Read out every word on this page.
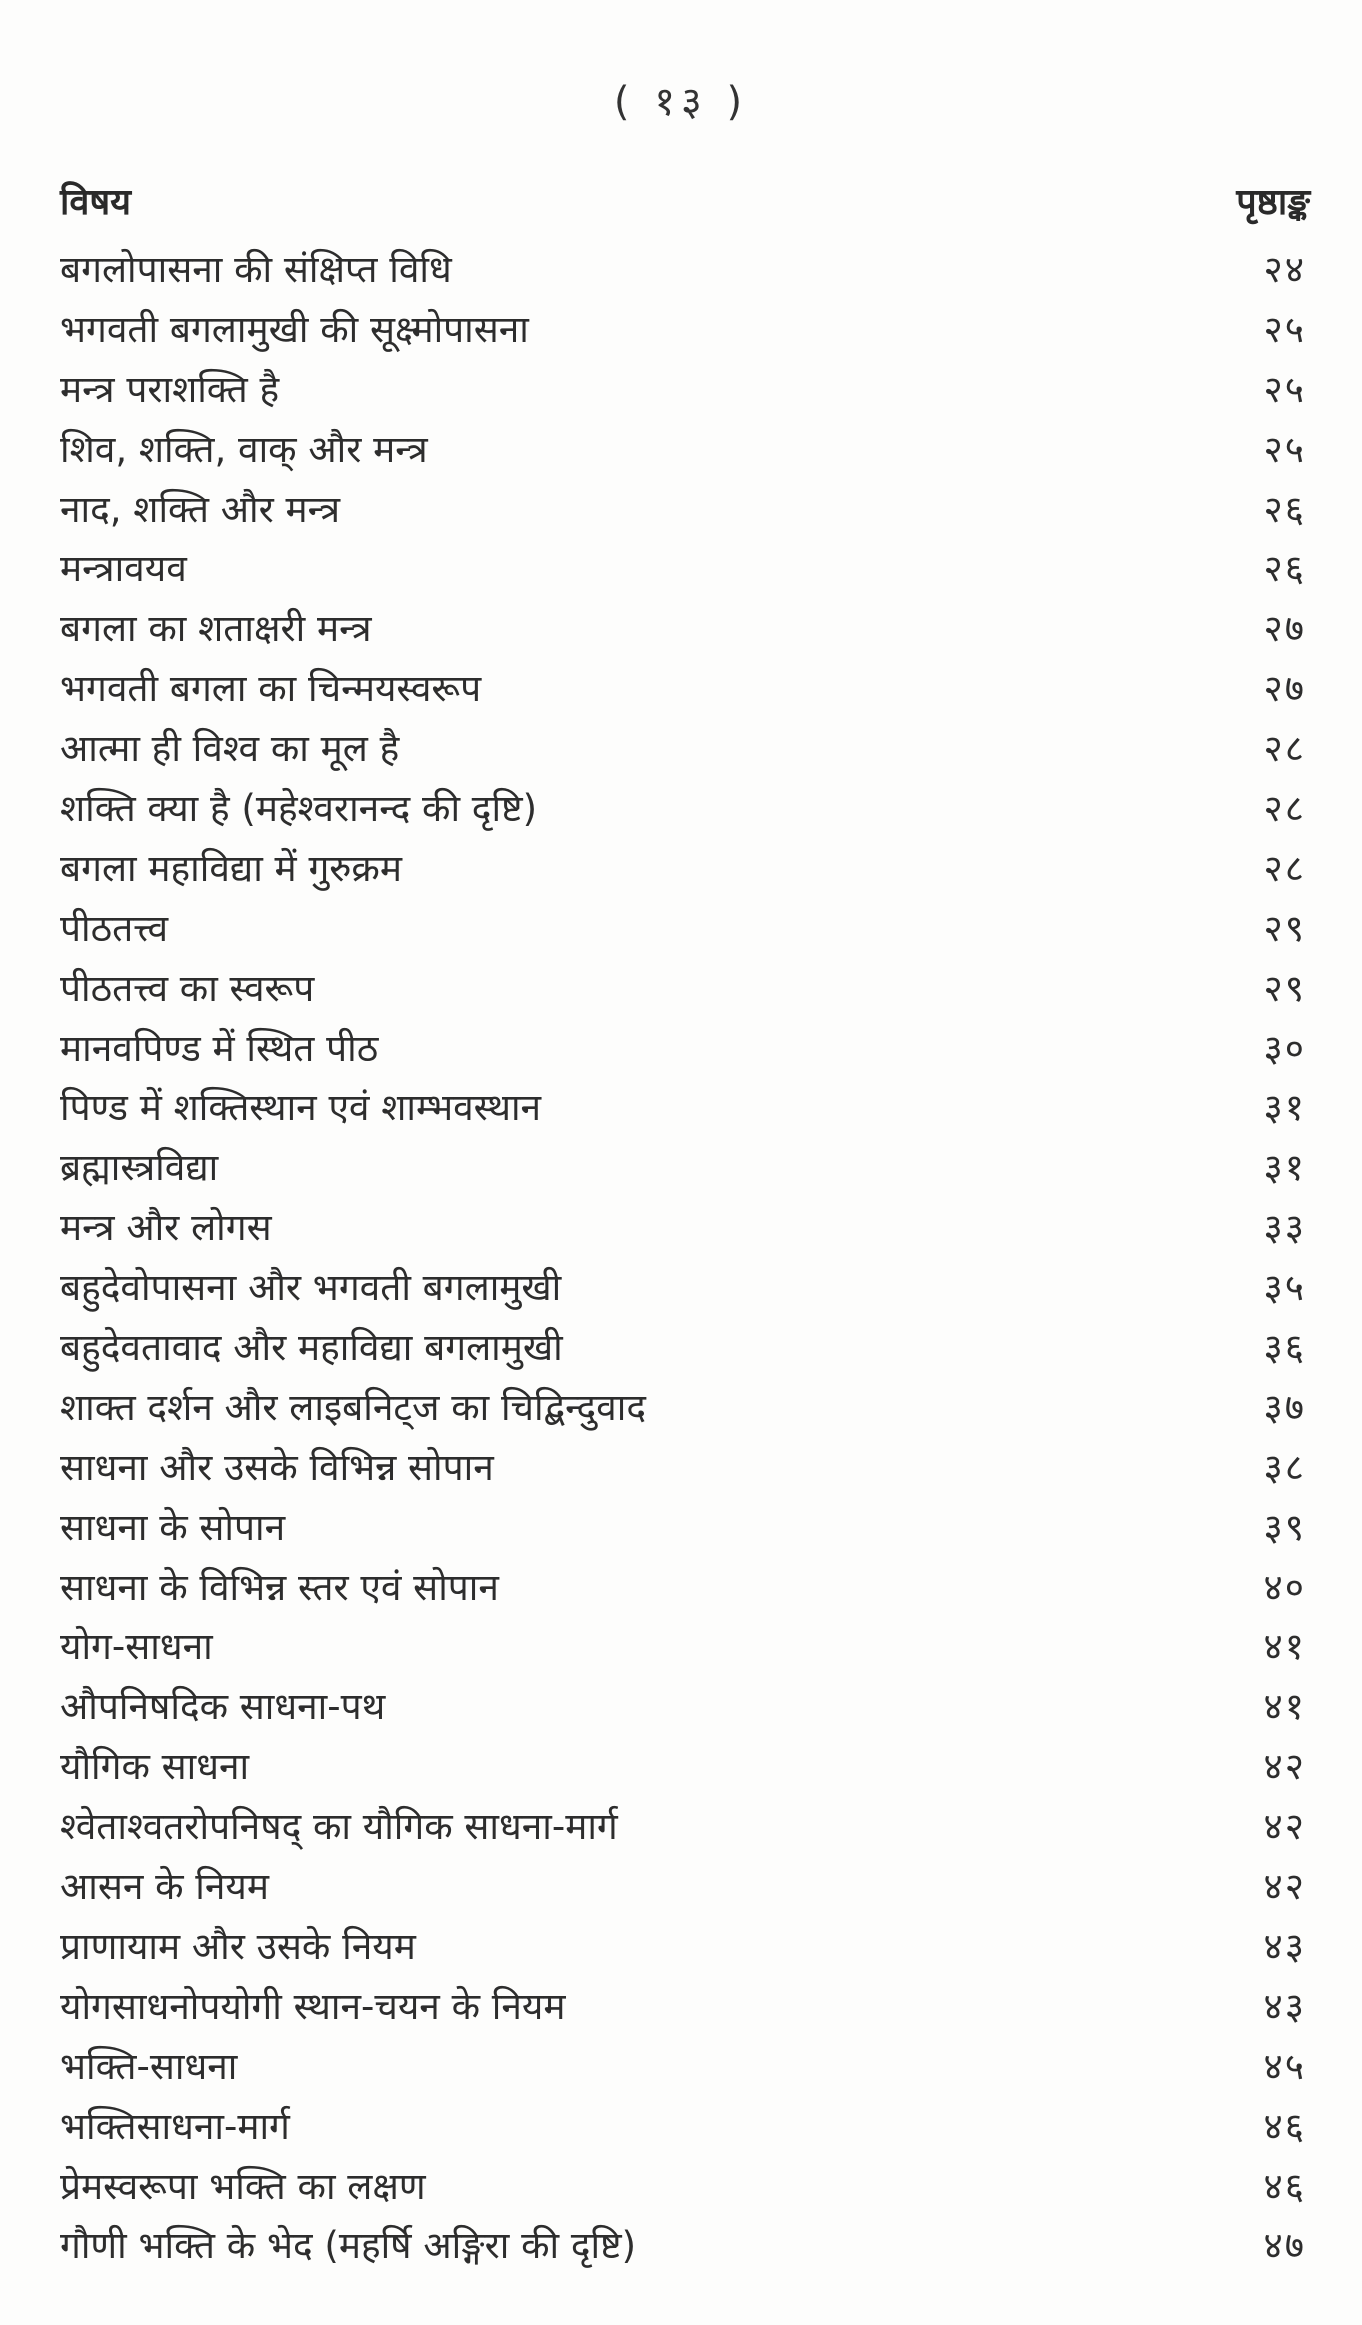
( १३ )
विषय	पृष्ठाङ्क
बगलोपासना की संक्षिप्त विधि	२४
भगवती बगलामुखी की सूक्ष्मोपासना	२५
मन्त्र पराशक्ति है	२५
शिव, शक्ति, वाक् और मन्त्र	२५
नाद, शक्ति और मन्त्र	२६
मन्त्रावयव	२६
बगला का शताक्षरी मन्त्र	२७
भगवती बगला का चिन्मयस्वरूप	२७
आत्मा ही विश्व का मूल है	२८
शक्ति क्या है (महेश्वरानन्द की दृष्टि)	२८
बगला महाविद्या में गुरुक्रम	२८
पीठतत्त्व	२९
पीठतत्त्व का स्वरूप	२९
मानवपिण्ड में स्थित पीठ	३०
पिण्ड में शक्तिस्थान एवं शाम्भवस्थान	३१
ब्रह्मास्त्रविद्या	३१
मन्त्र और लोगस	३३
बहुदेवोपासना और भगवती बगलामुखी	३५
बहुदेवतावाद और महाविद्या बगलामुखी	३६
शाक्त दर्शन और लाइबनिट्ज का चिद्बिन्दुवाद	३७
साधना और उसके विभिन्न सोपान	३८
साधना के सोपान	३९
साधना के विभिन्न स्तर एवं सोपान	४०
योग-साधना	४१
औपनिषदिक साधना-पथ	४१
यौगिक साधना	४२
श्वेताश्वतरोपनिषद् का यौगिक साधना-मार्ग	४२
आसन के नियम	४२
प्राणायाम और उसके नियम	४३
योगसाधनोपयोगी स्थान-चयन के नियम	४३
भक्ति-साधना	४५
भक्तिसाधना-मार्ग	४६
प्रेमस्वरूपा भक्ति का लक्षण	४६
गौणी भक्ति के भेद (महर्षि अङ्गिरा की दृष्टि)	४७
